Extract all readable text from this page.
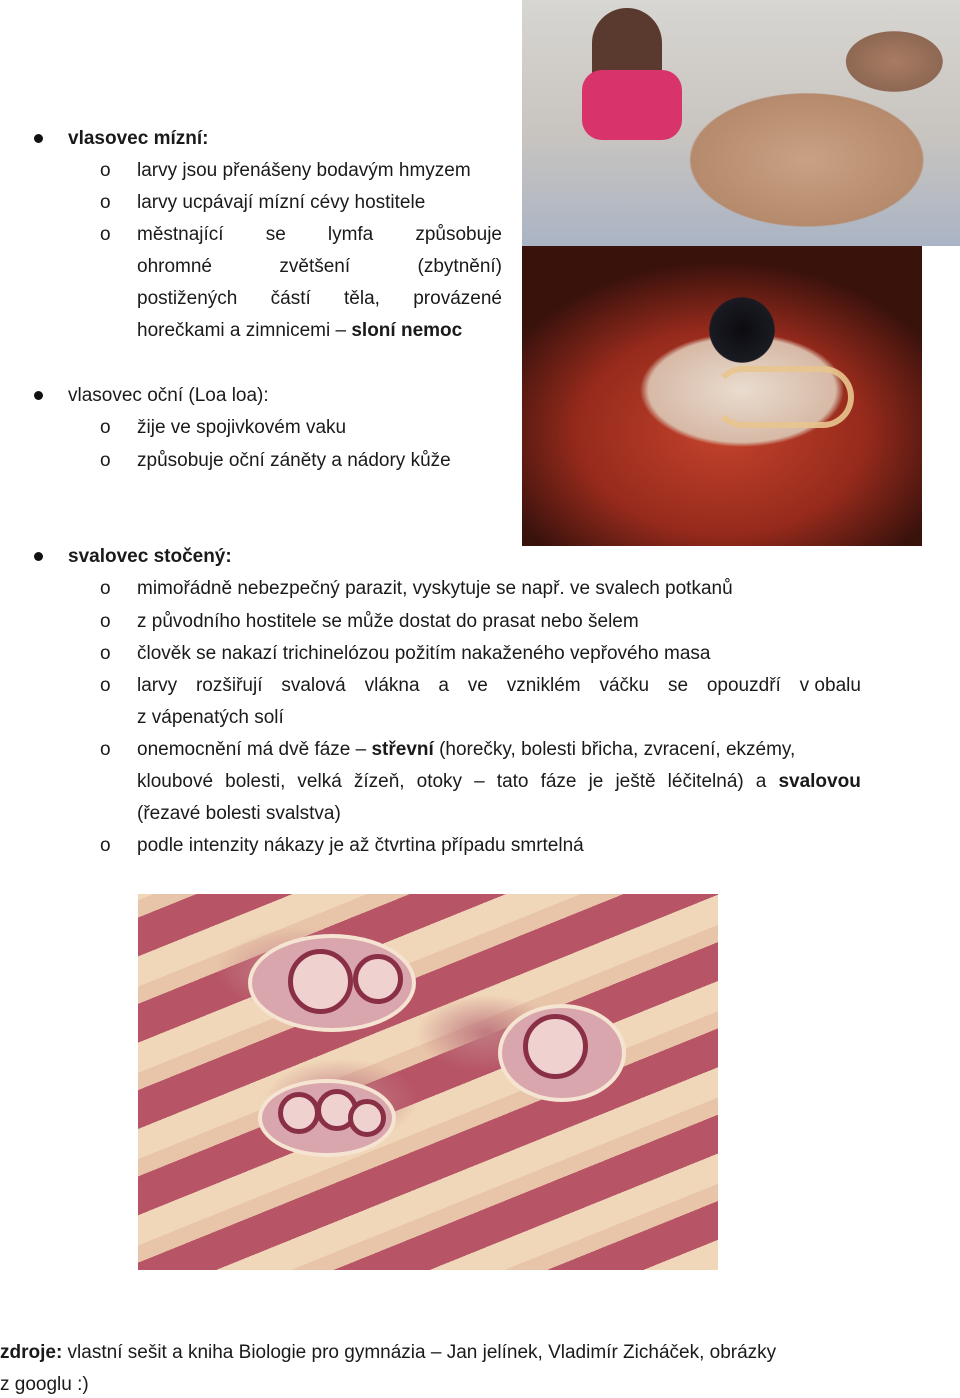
vlasovec mízní:
o larvy jsou přenášeny bodavým hmyzem
o larvy ucpávají mízní cévy hostitele
o městnající se lymfa způsobuje
ohromné	zvětšení	(zbytnění)
postižených částí těla, provázené
horečkami a zimnicemi – sloní nemoc
vlasovec oční (Loa loa):
o žije ve spojivkovém vaku
o způsobuje oční záněty a nádory kůže
svalovec stočený:
o mimořádně nebezpečný parazit, vyskytuje se např. ve svalech potkanů
o z původního hostitele se může dostat do prasat nebo šelem
o člověk se nakazí trichinelózou požitím nakaženého vepřového masa
o larvy rozšiřují svalová vlákna a ve vzniklém váčku se opouzdří v obalu
z vápenatých solí
o onemocnění má dvě fáze – střevní (horečky, bolesti břicha, zvracení, ekzémy,
kloubové bolesti, velká žízeň, otoky – tato fáze je ještě léčitelná) a svalovou
(řezavé bolesti svalstva)
o podle intenzity nákazy je až čtvrtina případu smrtelná
zdroje: vlastní sešit a kniha Biologie pro gymnázia – Jan jelínek, Vladimír Zicháček, obrázky
z googlu :)
